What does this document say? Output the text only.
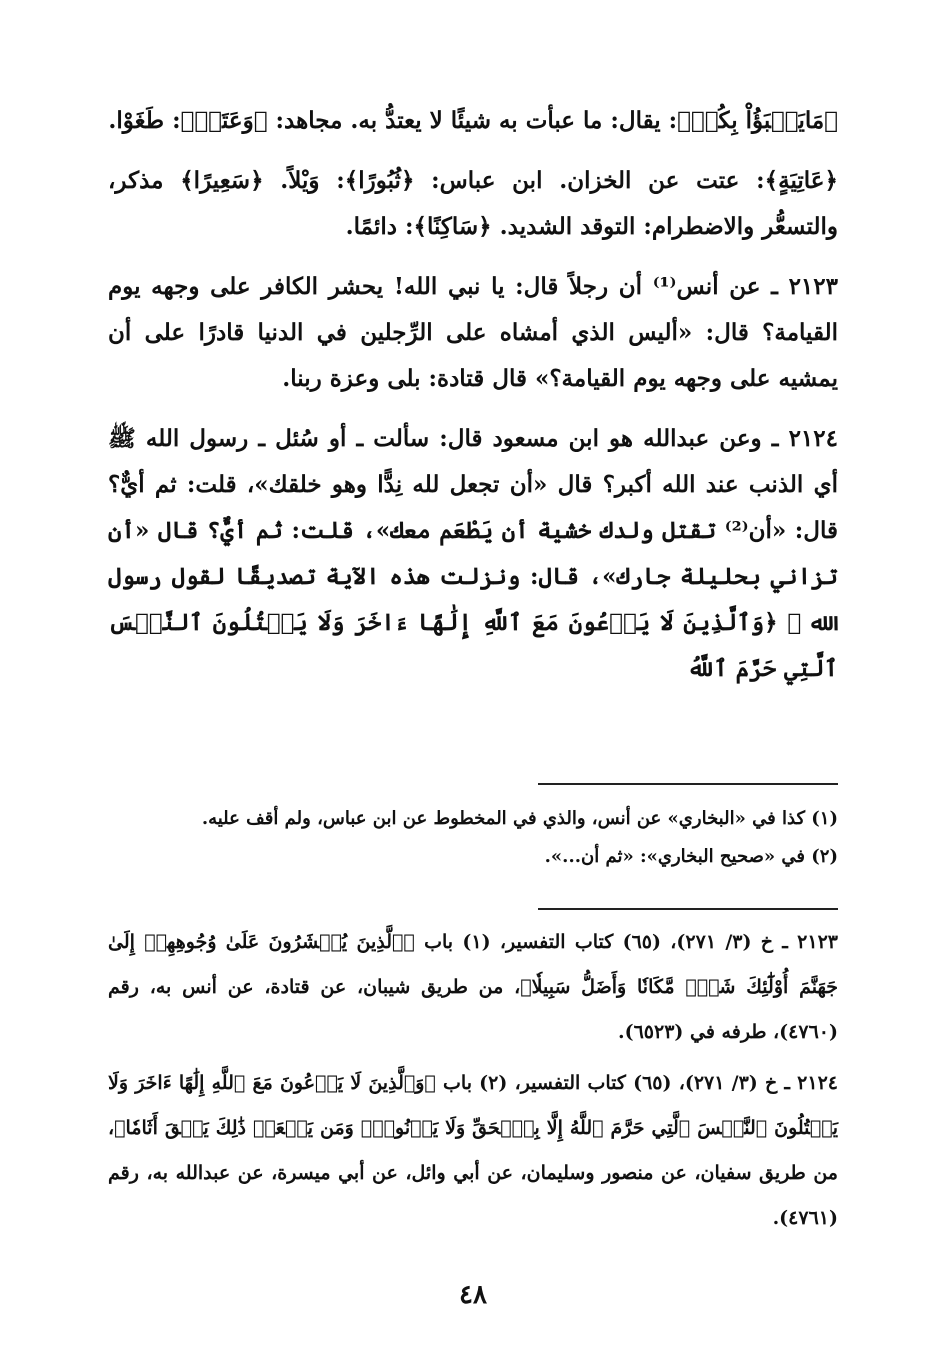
﴿مَايَعۡبَؤُاْ بِكُمۡ﴾: يقال: ما عبأت به شيئًا لا يعتدُّ به. مجاهد: ﴿وَعَتَوۡ﴾: طَغَوْا.

﴿عَاتِيَةٍ﴾: عتت عن الخزان. ابن عباس: ﴿ثُبُورًا﴾: وَيْلاً. ﴿سَعِيرًا﴾ مذكر، والتسعُّر والاضطرام: التوقد الشديد. ﴿سَاكِنًا﴾: دائمًا.

٢١٢٣ ـ عن أنس⁽¹⁾ أن رجلاً قال: يا نبي الله! يحشر الكافر على وجهه يوم القيامة؟ قال: «أليس الذي أمشاه على الرِّجلين في الدنيا قادرًا على أن يمشيه على وجهه يوم القيامة؟» قال قتادة: بلى وعزة ربنا.

٢١٢٤ ـ وعن عبدالله هو ابن مسعود قال: سألت ـ أو سُئل ـ رسول الله ﷺ أي الذنب عند الله أكبر؟ قال «أن تجعل لله نِدًّا وهو خلقك»، قلت: ثم أيٌّ؟ قال: «أن⁽²⁾ تقتل ولدك خشية أن يَطْعَم معك»، قلت: ثم أيٌّ؟ قال «أن تزاني بحليلة جارك»، قال: ونزلت هذه الآية تصديقًا لقول رسول الله ﷺ ﴿وَٱلَّذِينَ لَا يَدۡعُونَ مَعَ ٱللَّهِ إِلَٰهًا ءَاخَرَ وَلَا يَقۡتُلُونَ ٱلنَّفۡسَ ٱلَّتِي حَرَّمَ ٱللَّهُ

(١) كذا في «البخاري» عن أنس، والذي في المخطوط عن ابن عباس، ولم أقف عليه.

(٢) في «صحيح البخاري»: «ثم أن...».

٢١٢٣ ـ خ (٣/ ٢٧١)، (٦٥) كتاب التفسير، (١) باب ﴿ٱلَّذِينَ يُحۡشَرُونَ عَلَىٰ وُجُوهِهِمۡ إِلَىٰ جَهَنَّمَ أُوْلَٰٓئِكَ شَرّٞ مَّكَانٗا وَأَضَلُّ سَبِيلٗا﴾، من طريق شيبان، عن قتادة، عن أنس به، رقم (٤٧٦٠)، طرفه في (٦٥٢٣).

٢١٢٤ ـ خ (٣/ ٢٧١)، (٦٥) كتاب التفسير، (٢) باب ﴿وَٱلَّذِينَ لَا يَدۡعُونَ مَعَ ٱللَّهِ إِلَٰهًا ءَاخَرَ وَلَا يَقۡتُلُونَ ٱلنَّفۡسَ ٱلَّتِي حَرَّمَ ٱللَّهُ إِلَّا بِٱلۡحَقِّ وَلَا يَزۡنُونَۚ وَمَن يَفۡعَلۡ ذَٰلِكَ يَلۡقَ أَثَامٗا﴾، من طريق سفيان، عن منصور وسليمان، عن أبي وائل، عن أبي ميسرة، عن عبدالله به، رقم (٤٧٦١).

٤٨
